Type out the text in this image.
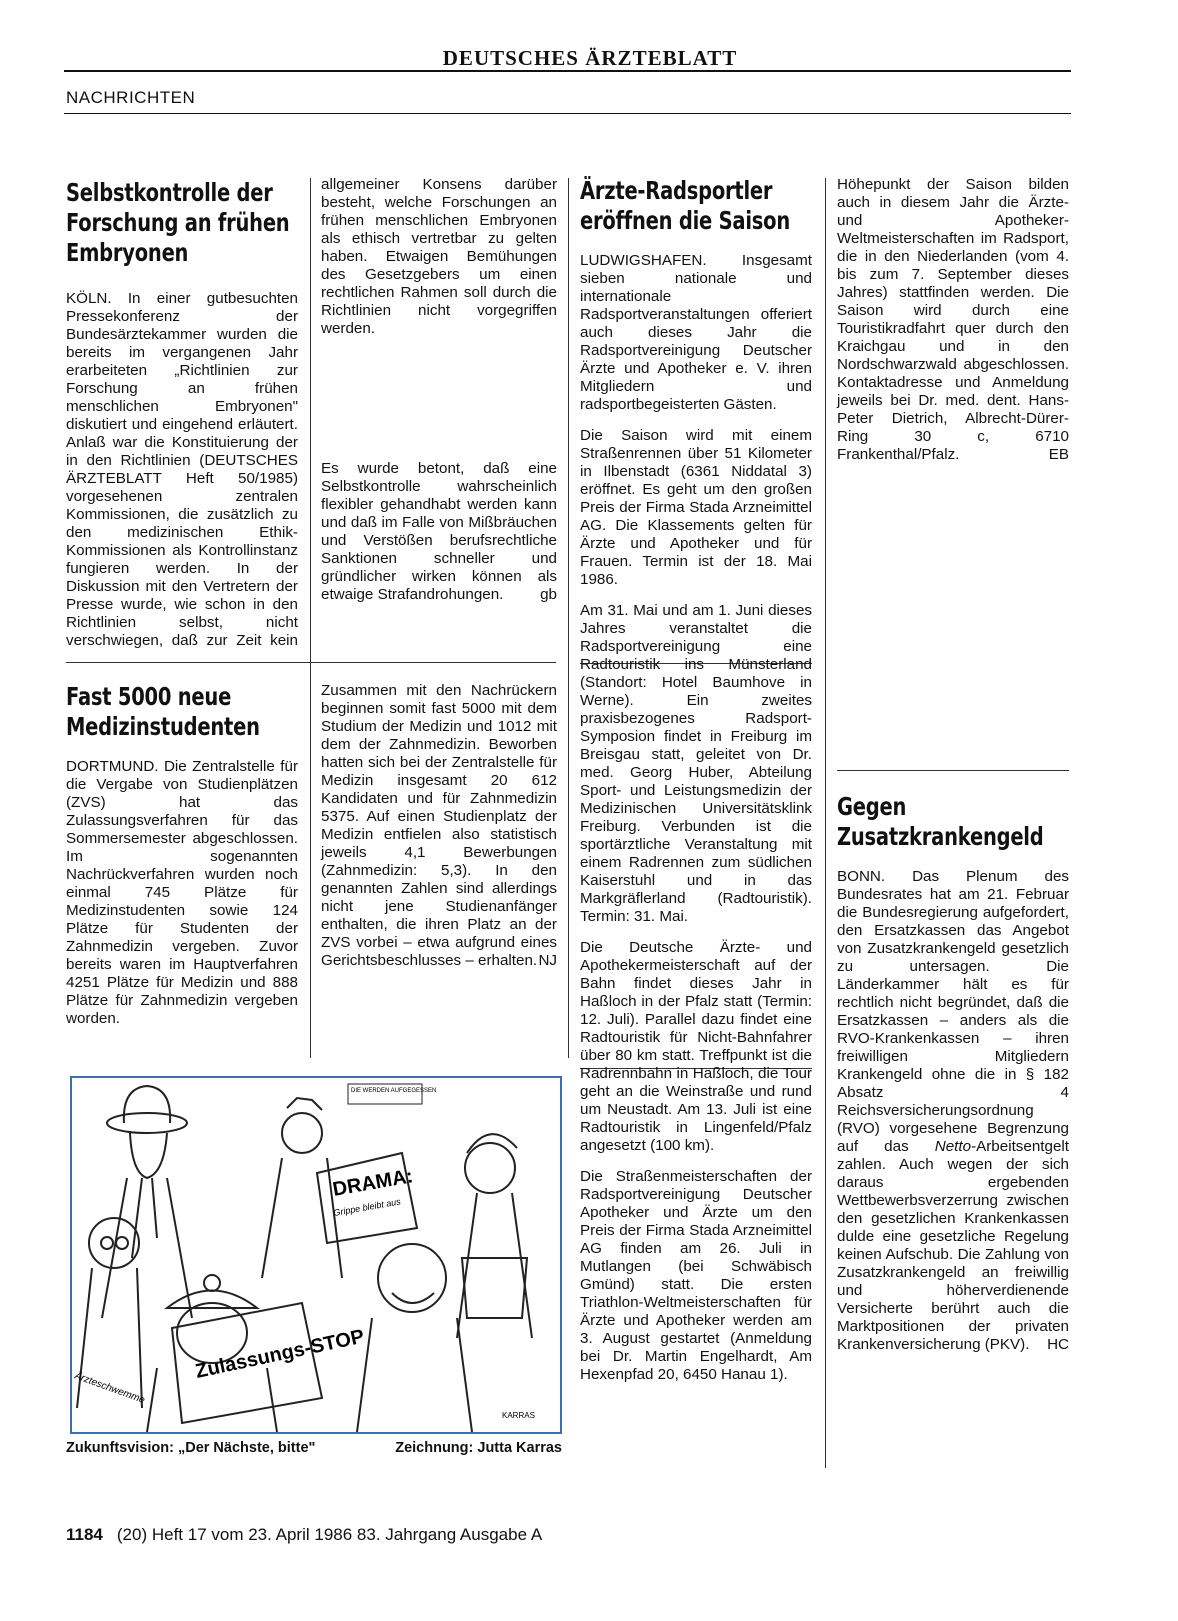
DEUTSCHES ÄRZTEBLATT
NACHRICHTEN
Selbstkontrolle der Forschung an frühen Embryonen

KÖLN. In einer gutbesuchten Pressekonferenz der Bundesärztekammer wurden die bereits im vergangenen Jahr erarbeiteten „Richtlinien zur Forschung an frühen menschlichen Embryonen" diskutiert und eingehend erläutert. Anlaß war die Konstituierung der in den Richtlinien (DEUTSCHES ÄRZTEBLATT Heft 50/1985) vorgesehenen zentralen Kommissionen, die zusätzlich zu den medizinischen Ethik-Kommissionen als Kontrollinstanz fungieren werden. In der Diskussion mit den Vertretern der Presse wurde, wie schon in den Richtlinien selbst, nicht verschwiegen, daß zur Zeit kein

allgemeiner Konsens darüber besteht, welche Forschungen an frühen menschlichen Embryonen als ethisch vertretbar zu gelten haben. Etwaigen Bemühungen des Gesetzgebers um einen rechtlichen Rahmen soll durch die Richtlinien nicht vorgegriffen werden.

Es wurde betont, daß eine Selbstkontrolle wahrscheinlich flexibler gehandhabt werden kann und daß im Falle von Mißbräuchen und Verstößen berufsrechtliche Sanktionen schneller und gründlicher wirken können als etwaige Strafandrohungen. gb

Fast 5000 neue Medizinstudenten

DORTMUND. Die Zentralstelle für die Vergabe von Studienplätzen (ZVS) hat das Zulassungsverfahren für das Sommersemester abgeschlossen. Im sogenannten Nachrückverfahren wurden noch einmal 745 Plätze für Medizinstudenten sowie 124 Plätze für Studenten der Zahnmedizin vergeben. Zuvor bereits waren im Hauptverfahren 4251 Plätze für Medizin und 888 Plätze für Zahnmedizin vergeben worden.

Zusammen mit den Nachrückern beginnen somit fast 5000 mit dem Studium der Medizin und 1012 mit dem der Zahnmedizin. Beworben hatten sich bei der Zentralstelle für Medizin insgesamt 20 612 Kandidaten und für Zahnmedizin 5375. Auf einen Studienplatz der Medizin entfielen also statistisch jeweils 4,1 Bewerbungen (Zahnmedizin: 5,3). In den genannten Zahlen sind allerdings nicht jene Studienanfänger enthalten, die ihren Platz an der ZVS vorbei – etwa aufgrund eines Gerichtsbeschlusses – erhalten. NJ

Ärzte-Radsportler eröffnen die Saison

LUDWIGSHAFEN. Insgesamt sieben nationale und internationale Radsportveranstaltungen offeriert auch dieses Jahr die Radsportvereinigung Deutscher Ärzte und Apotheker e. V. ihren Mitgliedern und radsportbegeisterten Gästen.

Die Saison wird mit einem Straßenrennen über 51 Kilometer in Ilbenstadt (6361 Niddatal 3) eröffnet. Es geht um den großen Preis der Firma Stada Arzneimittel AG. Die Klassements gelten für Ärzte und Apotheker und für Frauen. Termin ist der 18. Mai 1986.

Am 31. Mai und am 1. Juni dieses Jahres veranstaltet die Radsportvereinigung eine Radtouristik ins Münsterland (Standort: Hotel Baumhove in Werne). Ein zweites praxisbezogenes Radsport-Symposion findet in Freiburg im Breisgau statt, geleitet von Dr. med. Georg Huber, Abteilung Sport- und Leistungsmedizin der Medizinischen Universitätsklink Freiburg. Verbunden ist die sportärztliche Veranstaltung mit einem Radrennen zum südlichen Kaiserstuhl und in das Markgräflerland (Radtouristik). Termin: 31. Mai.

Die Deutsche Ärzte- und Apothekermeisterschaft auf der Bahn findet dieses Jahr in Haßloch in der Pfalz statt (Termin: 12. Juli). Parallel dazu findet eine Radtouristik für Nicht-Bahnfahrer über 80 km statt. Treffpunkt ist die Radrennbahn in Haßloch, die Tour geht an die Weinstraße und rund um Neustadt. Am 13. Juli ist eine Radtouristik in Lingenfeld/Pfalz angesetzt (100 km).

Die Straßenmeisterschaften der Radsportvereinigung Deutscher Apotheker und Ärzte um den Preis der Firma Stada Arzneimittel AG finden am 26. Juli in Mutlangen (bei Schwäbisch Gmünd) statt. Die ersten Triathlon-Weltmeisterschaften für Ärzte und Apotheker werden am 3. August gestartet (Anmeldung bei Dr. Martin Engelhardt, Am Hexenpfad 20, 6450 Hanau 1).

Höhepunkt der Saison bilden auch in diesem Jahr die Ärzte- und Apotheker-Weltmeisterschaften im Radsport, die in den Niederlanden (vom 4. bis zum 7. September dieses Jahres) stattfinden werden. Die Saison wird durch eine Touristikradfahrt quer durch den Kraichgau und in den Nordschwarzwald abgeschlossen. Kontaktadresse und Anmeldung jeweils bei Dr. med. dent. Hans-Peter Dietrich, Albrecht-Dürer-Ring 30 c, 6710 Frankenthal/Pfalz.	EB

Gegen Zusatzkrankengeld

BONN. Das Plenum des Bundesrates hat am 21. Februar die Bundesregierung aufgefordert, den Ersatzkassen das Angebot von Zusatzkrankengeld gesetzlich zu untersagen. Die Länderkammer hält es für rechtlich nicht begründet, daß die Ersatzkassen – anders als die RVO-Krankenkassen – ihren freiwilligen Mitgliedern Krankengeld ohne die in § 182 Absatz 4 Reichsversicherungsordnung (RVO) vorgesehene Begrenzung auf das Netto-Arbeitsentgelt zahlen. Auch wegen der sich daraus ergebenden Wettbewerbsverzerrung zwischen den gesetzlichen Krankenkassen dulde eine gesetzliche Regelung keinen Aufschub. Die Zahlung von Zusatzkrankengeld an freiwillig und höherverdienende Versicherte berührt auch die Marktpositionen der privaten Krankenversicherung (PKV). HC

DIE WERDEN AUFGEGESSEN
DRAMA:
Grippe bleibt aus
Zulassungs-STOP
Ärzteschwemme
KARRAS
Zukunftsvision: „Der Nächste, bitte"	Zeichnung: Jutta Karras
1184 (20) Heft 17 vom 23. April 1986 83. Jahrgang Ausgabe A
